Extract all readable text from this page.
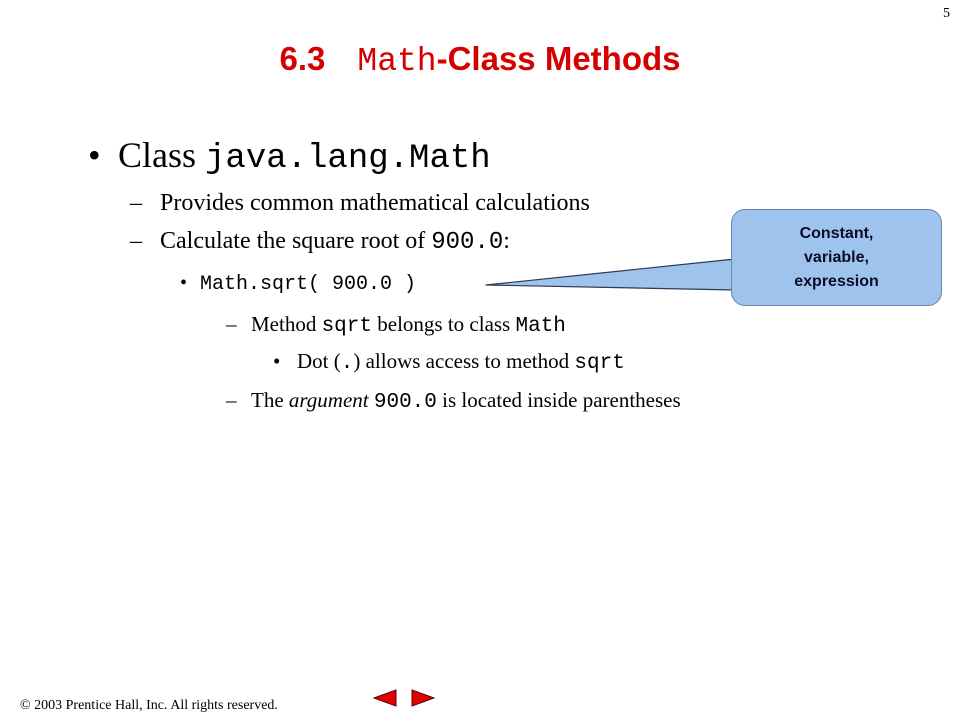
5
6.3 Math-Class Methods
• Class java.lang.Math
– Provides common mathematical calculations
– Calculate the square root of 900.0:
• Math.sqrt( 900.0 )
– Method sqrt belongs to class Math
• Dot (.) allows access to method sqrt
– The argument 900.0 is located inside parentheses
Constant,
variable,
expression
© 2003 Prentice Hall, Inc. All rights reserved.
